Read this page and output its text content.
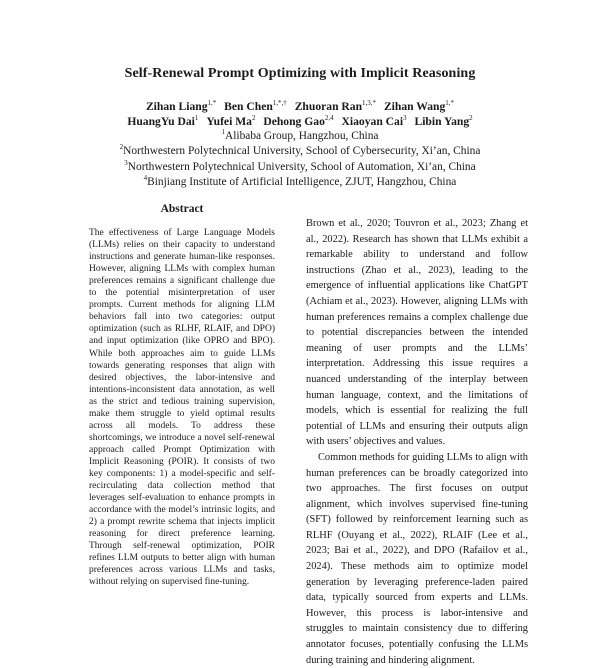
Self-Renewal Prompt Optimizing with Implicit Reasoning
Zihan Liang$^{1,*}$ Ben Chen$^{1,*,\dagger}$ Zhuoran Ran$^{1,3,*}$ Zihan Wang$^{1,*}$
HuangYu Dai$^1$ Yufei Ma$^2$ Dehong Gao$^{2,4}$ Xiaoyan Cai$^3$ Libin Yang$^2$
$^1$Alibaba Group, Hangzhou, China
$^2$Northwestern Polytechnical University, School of Cybersecurity, Xi’an, China
$^3$Northwestern Polytechnical University, School of Automation, Xi’an, China
$^4$Binjiang Institute of Artificial Intelligence, ZJUT, Hangzhou, China
Abstract

The effectiveness of Large Language Models (LLMs) relies on their capacity to understand instructions and generate human-like responses. However, aligning LLMs with complex human preferences remains a significant challenge due to the potential misinterpretation of user prompts. Current methods for aligning LLM behaviors fall into two categories: output optimization (such as RLHF, RLAIF, and DPO) and input optimization (like OPRO and BPO). While both approaches aim to guide LLMs towards generating responses that align with desired objectives, the labor-intensive and intentions-inconsistent data annotation, as well as the strict and tedious training supervision, make them struggle to yield optimal results across all models. To address these shortcomings, we introduce a novel self-renewal approach called Prompt Optimization with Implicit Reasoning (POIR). It consists of two key components: 1) a model-specific and self-recirculating data collection method that leverages self-evaluation to enhance prompts in accordance with the model’s intrinsic logits, and 2) a prompt rewrite schema that injects implicit reasoning for direct preference learning. Through self-renewal optimization, POIR refines LLM outputs to better align with human preferences across various LLMs and tasks, without relying on supervised fine-tuning.

Brown et al., 2020; Touvron et al., 2023; Zhang et al., 2022). Research has shown that LLMs exhibit a remarkable ability to understand and follow instructions (Zhao et al., 2023), leading to the emergence of influential applications like ChatGPT (Achiam et al., 2023). However, aligning LLMs with human preferences remains a complex challenge due to potential discrepancies between the intended meaning of user prompts and the LLMs’ interpretation. Addressing this issue requires a nuanced understanding of the interplay between human language, context, and the limitations of models, which is essential for realizing the full potential of LLMs and ensuring their outputs align with users’ objectives and values.

Common methods for guiding LLMs to align with human preferences can be broadly categorized into two approaches. The first focuses on output alignment, which involves supervised fine-tuning (SFT) followed by reinforcement learning such as RLHF (Ouyang et al., 2022), RLAIF (Lee et al., 2023; Bai et al., 2022), and DPO (Rafailov et al., 2024). These methods aim to optimize model generation by leveraging preference-laden paired data, typically sourced from experts and LLMs. However, this process is labor-intensive and struggles to maintain consistency due to differing annotator focuses, potentially confusing the LLMs during training and hindering alignment.
